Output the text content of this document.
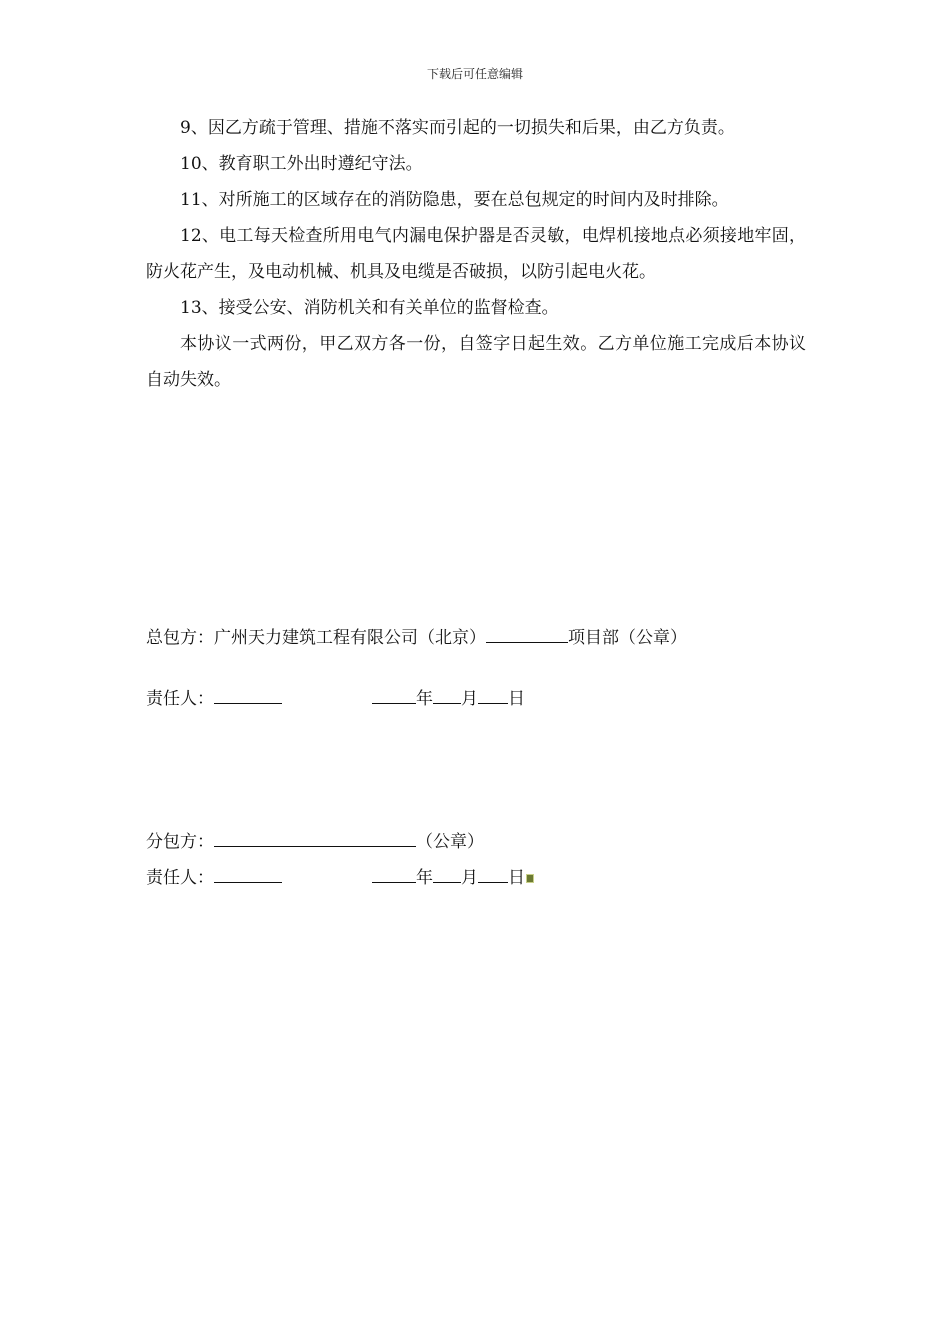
下载后可任意编辑

9、因乙方疏于管理、措施不落实而引起的一切损失和后果，由乙方负责。

10、教育职工外出时遵纪守法。

11、对所施工的区域存在的消防隐患，要在总包规定的时间内及时排除。

12、电工每天检查所用电气内漏电保护器是否灵敏，电焊机接地点必须接地牢固，防火花产生，及电动机械、机具及电缆是否破损，以防引起电火花。

13、接受公安、消防机关和有关单位的监督检查。

本协议一式两份，甲乙双方各一份，自签字日起生效。乙方单位施工完成后本协议自动失效。

总包方：广州天力建筑工程有限公司（北京）	项目部（公章）
责任人：	年 月 日
分包方：	（公章）
责任人：	年 月 日
